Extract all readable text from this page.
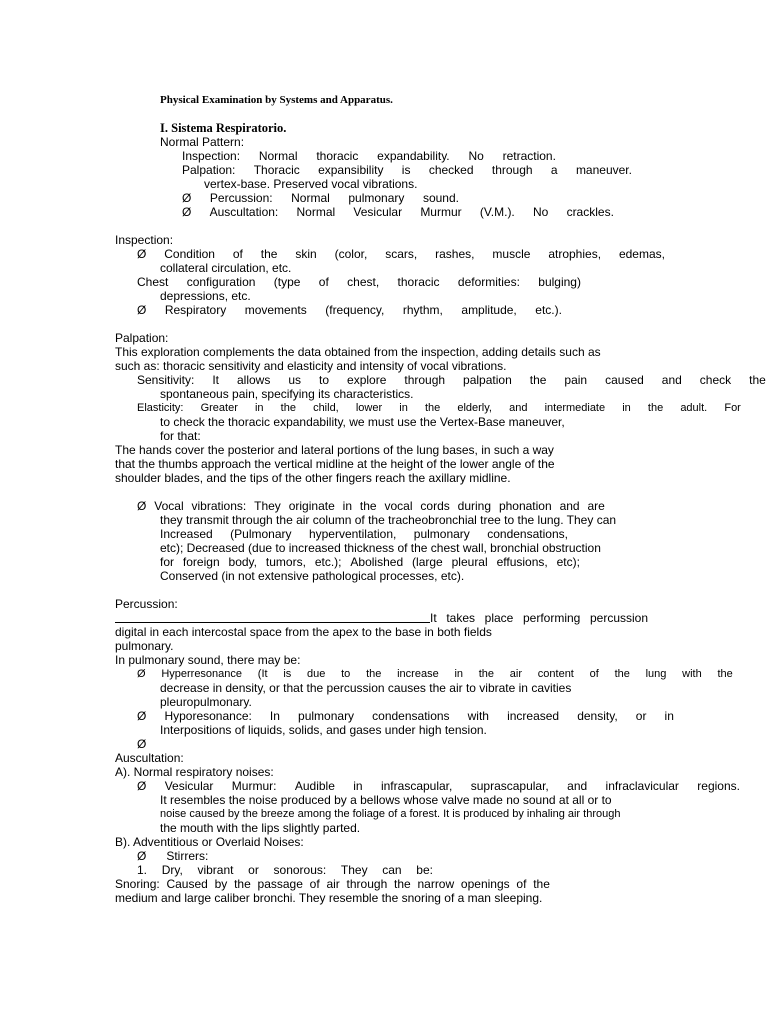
Physical Examination by Systems and Apparatus.
I. Sistema Respiratorio.
Normal Pattern:
Inspection: Normal thoracic expandability. No retraction.
Palpation: Thoracic expansibility is checked through a maneuver.
vertex-base. Preserved vocal vibrations.
Ø Percussion: Normal pulmonary sound.
Ø Auscultation: Normal Vesicular Murmur (V.M.). No crackles.
Inspection:
Ø Condition of the skin (color, scars, rashes, muscle atrophies, edemas,
collateral circulation, etc.
Chest configuration (type of chest, thoracic deformities: bulging)
depressions, etc.
Ø Respiratory movements (frequency, rhythm, amplitude, etc.).
Palpation:
This exploration complements the data obtained from the inspection, adding details such as
such as: thoracic sensitivity and elasticity and intensity of vocal vibrations.
Sensitivity: It allows us to explore through palpation the pain caused and check the
spontaneous pain, specifying its characteristics.
Elasticity: Greater in the child, lower in the elderly, and intermediate in the adult. For
to check the thoracic expandability, we must use the Vertex-Base maneuver,
for that:
The hands cover the posterior and lateral portions of the lung bases, in such a way
that the thumbs approach the vertical midline at the height of the lower angle of the
shoulder blades, and the tips of the other fingers reach the axillary midline.
Ø Vocal vibrations: They originate in the vocal cords during phonation and are
they transmit through the air column of the tracheobronchial tree to the lung. They can
Increased (Pulmonary hyperventilation, pulmonary condensations,
etc); Decreased (due to increased thickness of the chest wall, bronchial obstruction
for foreign body, tumors, etc.); Abolished (large pleural effusions, etc);
Conserved (in not extensive pathological processes, etc).
Percussion:
It takes place performing percussion
digital in each intercostal space from the apex to the base in both fields
pulmonary.
In pulmonary sound, there may be:
Ø Hyperresonance (It is due to the increase in the air content of the lung with the
decrease in density, or that the percussion causes the air to vibrate in cavities
pleuropulmonary.
Ø Hyporesonance: In pulmonary condensations with increased density, or in
Interpositions of liquids, solids, and gases under high tension.
Ø
Auscultation:
A). Normal respiratory noises:
Ø Vesicular Murmur: Audible in infrascapular, suprascapular, and infraclavicular regions.
It resembles the noise produced by a bellows whose valve made no sound at all or to
noise caused by the breeze among the foliage of a forest. It is produced by inhaling air through
the mouth with the lips slightly parted.
B). Adventitious or Overlaid Noises:
Ø      Stirrers:
1. Dry, vibrant or sonorous: They can be:
Snoring: Caused by the passage of air through the narrow openings of the
medium and large caliber bronchi. They resemble the snoring of a man sleeping.
